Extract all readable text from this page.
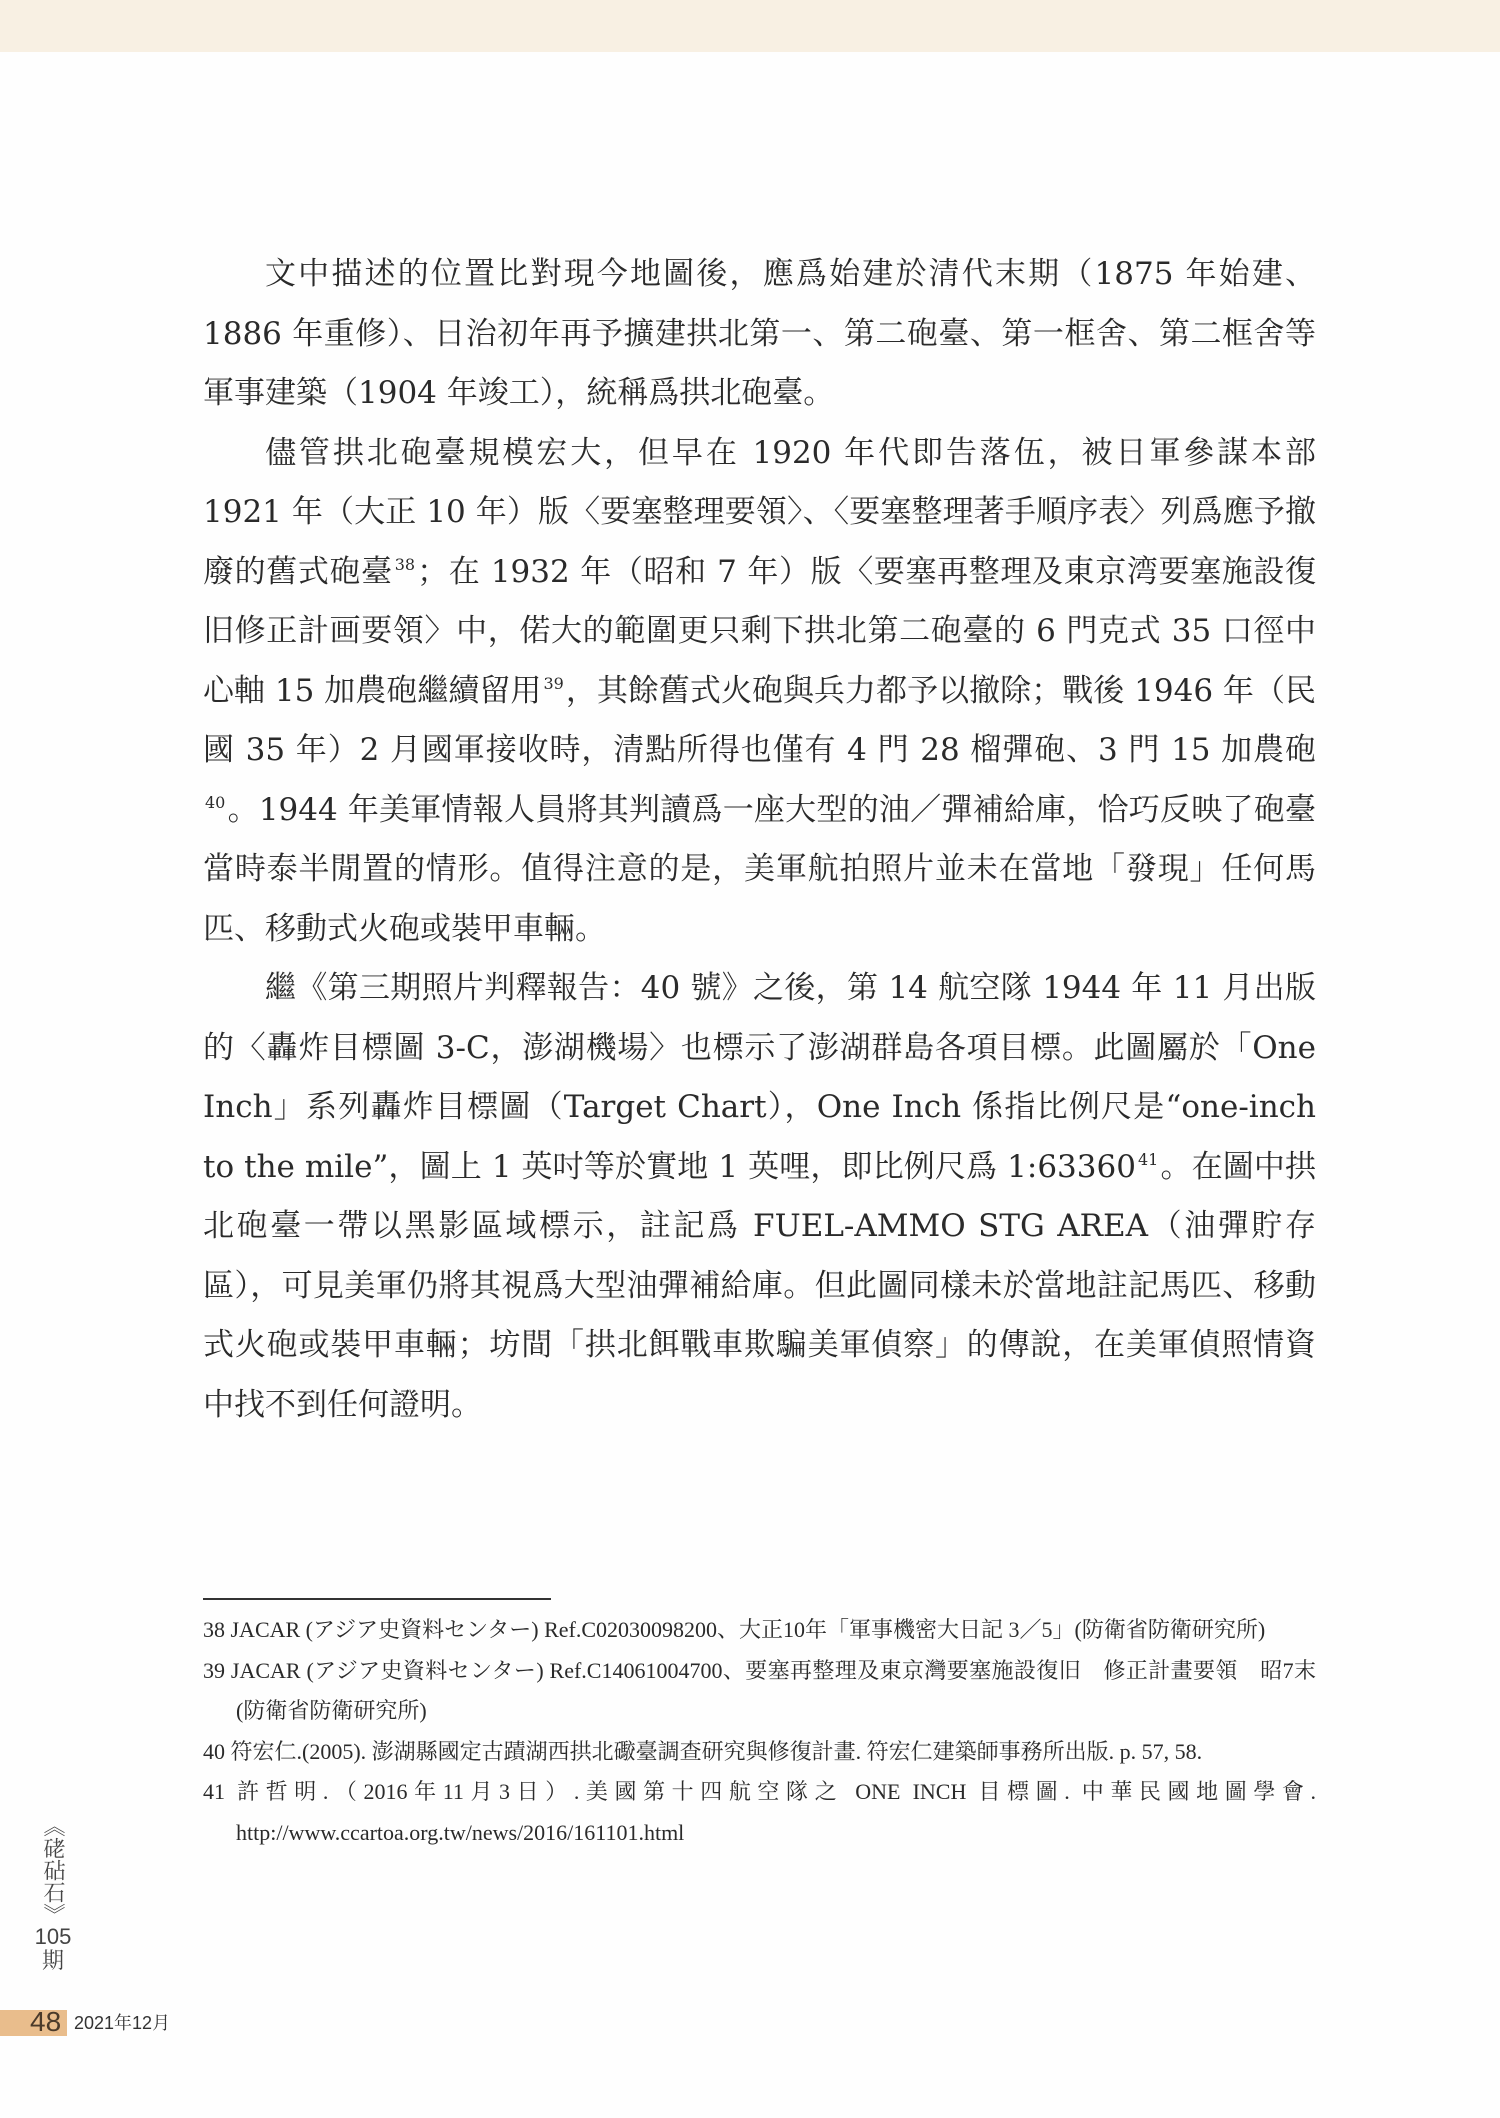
文中描述的位置比對現今地圖後，應爲始建於清代末期（1875 年始建、1886 年重修）、日治初年再予擴建拱北第一、第二砲臺、第一框舍、第二框舍等軍事建築（1904 年竣工），統稱爲拱北砲臺。

儘管拱北砲臺規模宏大，但早在 1920 年代即告落伍，被日軍參謀本部 1921 年（大正 10 年）版〈要塞整理要領〉、〈要塞整理著手順序表〉列爲應予撤廢的舊式砲臺 $^{38}$；在 1932 年（昭和 7 年）版〈要塞再整理及東京湾要塞施設復旧修正計画要領〉中，偌大的範圍更只剩下拱北第二砲臺的 6 門克式 35 口徑中心軸 15 加農砲繼續留用 $^{39}$，其餘舊式火砲與兵力都予以撤除；戰後 1946 年（民國 35 年）2 月國軍接收時，清點所得也僅有 4 門 28 榴彈砲、3 門 15 加農砲$^{40}$。1944 年美軍情報人員將其判讀爲一座大型的油／彈補給庫，恰巧反映了砲臺當時泰半閒置的情形。值得注意的是，美軍航拍照片並未在當地「發現」任何馬匹、移動式火砲或裝甲車輛。

繼《第三期照片判釋報告：40 號》之後，第 14 航空隊 1944 年 11 月出版的〈轟炸目標圖 3-C，澎湖機場〉也標示了澎湖群島各項目標。此圖屬於「One Inch」系列轟炸目標圖（Target Chart），One Inch 係指比例尺是“one-inch to the mile”，圖上 1 英吋等於實地 1 英哩，即比例尺爲 1:63360 $^{41}$。在圖中拱北砲臺一帶以黑影區域標示，註記爲 FUEL-AMMO STG AREA（油彈貯存區），可見美軍仍將其視爲大型油彈補給庫。但此圖同樣未於當地註記馬匹、移動式火砲或裝甲車輛；坊間「拱北餌戰車欺騙美軍偵察」的傳說，在美軍偵照情資中找不到任何證明。

38 JACAR (アジア史資料センター) Ref.C02030098200、大正10年「軍事機密大日記 3／5」(防衛省防衛研究所)
39 JACAR (アジア史資料センター) Ref.C14061004700、要塞再整理及東京灣要塞施設復旧　修正計畫要領　昭7末 (防衛省防衛研究所)
40 符宏仁.(2005). 澎湖縣國定古蹟湖西拱北礮臺調查研究與修復計畫. 符宏仁建築師事務所出版. p. 57, 58.
41 許哲明.（2016年11月3日）.美國第十四航空隊之 ONE INCH 目標圖. 中華民國地圖學會. http://www.ccartoa.org.tw/news/2016/161101.html
《硓砧石》
105
期
48 2021年12月
